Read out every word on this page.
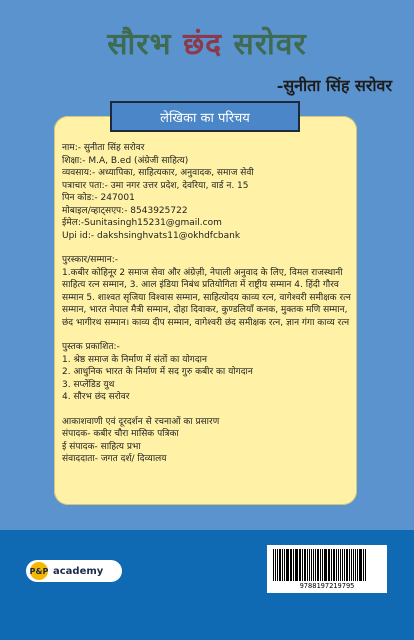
सौरभ छंद सरोवर
-सुनीता सिंह सरोवर
लेखिका का परिचय

नाम:- सुनीता सिंह सरोवर

शिक्षा:- M.A, B.ed (अंग्रेजी साहित्य)

व्यवसाय:- अध्यापिका, साहित्यकार, अनुवादक, समाज सेवी

पत्राचार पता:- उमा नगर उत्तर प्रदेश, देवरिया, वार्ड न. 15

पिन कोड:- 247001

मोबाइल/व्हाट्सएप:- 8543925722

ईमेल:-Sunitasingh15231@gmail.com

Upi id:- dakshsinghvats11@okhdfcbank

पुरस्कार/सम्मान:-

1.कबीर कोहिनूर 2 समाज सेवा और अंग्रेज़ी, नेपाली अनुवाद के लिए, विमल राजस्थानी साहित्य रत्न सम्मान, 3. आल इंडिया निबंध प्रतियोगिता में राष्ट्रीय सम्मान 4. हिंदी गौरव सम्मान 5. शाश्वत सृजिया विश्वास सम्मान, साहित्योदय काव्य रत्न, वागेश्वरी समीक्षक रत्न सम्मान, भारत नेपाल मैत्री सम्मान, दोहा दिवाकर, कुण्डलियाँ कनक, मुक्तक मणि सम्मान, छंद भागीरथ सम्मान। काव्य दीप सम्मान, वागेश्वरी छंद समीक्षक रत्न, ज्ञान गंगा काव्य रत्न

पुस्तक प्रकाशित:-

1. श्रेष्ठ समाज के निर्माण में संतों का योगदान

2. आधुनिक भारत के निर्माण में सद गुरु कबीर का योगदान

3. सप्लेंडिड युथ

4. सौरभ छंद सरोवर

आकाशवाणी एवं दूरदर्शन से रचनाओं का प्रसारण

संपादक- कबीर चौरा मासिक पत्रिका

ई संपादक- साहित्य प्रभा

संवाददाता- जगत दर्श/ दिव्यालय

P&P academy
9788197219795
